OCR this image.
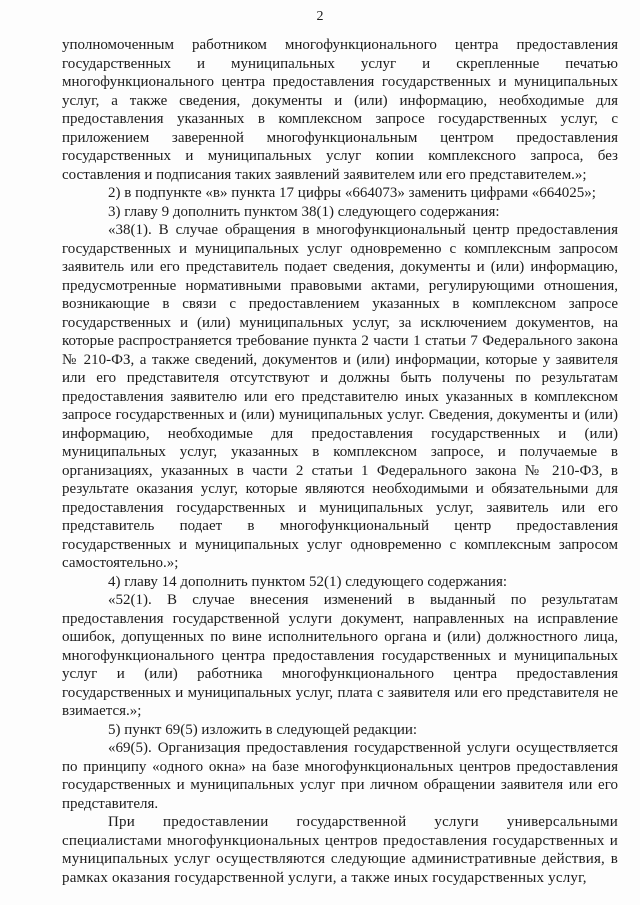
2

уполномоченным работником многофункционального центра предоставления государственных и муниципальных услуг и скрепленные печатью многофункционального центра предоставления государственных и муниципальных услуг, а также сведения, документы и (или) информацию, необходимые для предоставления указанных в комплексном запросе государственных услуг, с приложением заверенной многофункциональным центром предоставления государственных и муниципальных услуг копии комплексного запроса, без составления и подписания таких заявлений заявителем или его представителем.»;

2) в подпункте «в» пункта 17 цифры «664073» заменить цифрами «664025»;

3) главу 9 дополнить пунктом 38(1) следующего содержания:

«38(1). В случае обращения в многофункциональный центр предоставления государственных и муниципальных услуг одновременно с комплексным запросом заявитель или его представитель подает сведения, документы и (или) информацию, предусмотренные нормативными правовыми актами, регулирующими отношения, возникающие в связи с предоставлением указанных в комплексном запросе государственных и (или) муниципальных услуг, за исключением документов, на которые распространяется требование пункта 2 части 1 статьи 7 Федерального закона № 210-ФЗ, а также сведений, документов и (или) информации, которые у заявителя или его представителя отсутствуют и должны быть получены по результатам предоставления заявителю или его представителю иных указанных в комплексном запросе государственных и (или) муниципальных услуг. Сведения, документы и (или) информацию, необходимые для предоставления государственных и (или) муниципальных услуг, указанных в комплексном запросе, и получаемые в организациях, указанных в части 2 статьи 1 Федерального закона № 210-ФЗ, в результате оказания услуг, которые являются необходимыми и обязательными для предоставления государственных и муниципальных услуг, заявитель или его представитель подает в многофункциональный центр предоставления государственных и муниципальных услуг одновременно с комплексным запросом самостоятельно.»;

4) главу 14 дополнить пунктом 52(1) следующего содержания:

«52(1). В случае внесения изменений в выданный по результатам предоставления государственной услуги документ, направленных на исправление ошибок, допущенных по вине исполнительного органа и (или) должностного лица, многофункционального центра предоставления государственных и муниципальных услуг и (или) работника многофункционального центра предоставления государственных и муниципальных услуг, плата с заявителя или его представителя не взимается.»;

5) пункт 69(5) изложить в следующей редакции:

«69(5). Организация предоставления государственной услуги осуществляется по принципу «одного окна» на базе многофункциональных центров предоставления государственных и муниципальных услуг при личном обращении заявителя или его представителя.

При предоставлении государственной услуги универсальными специалистами многофункциональных центров предоставления государственных и муниципальных услуг осуществляются следующие административные действия, в рамках оказания государственной услуги, а также иных государственных услуг,
